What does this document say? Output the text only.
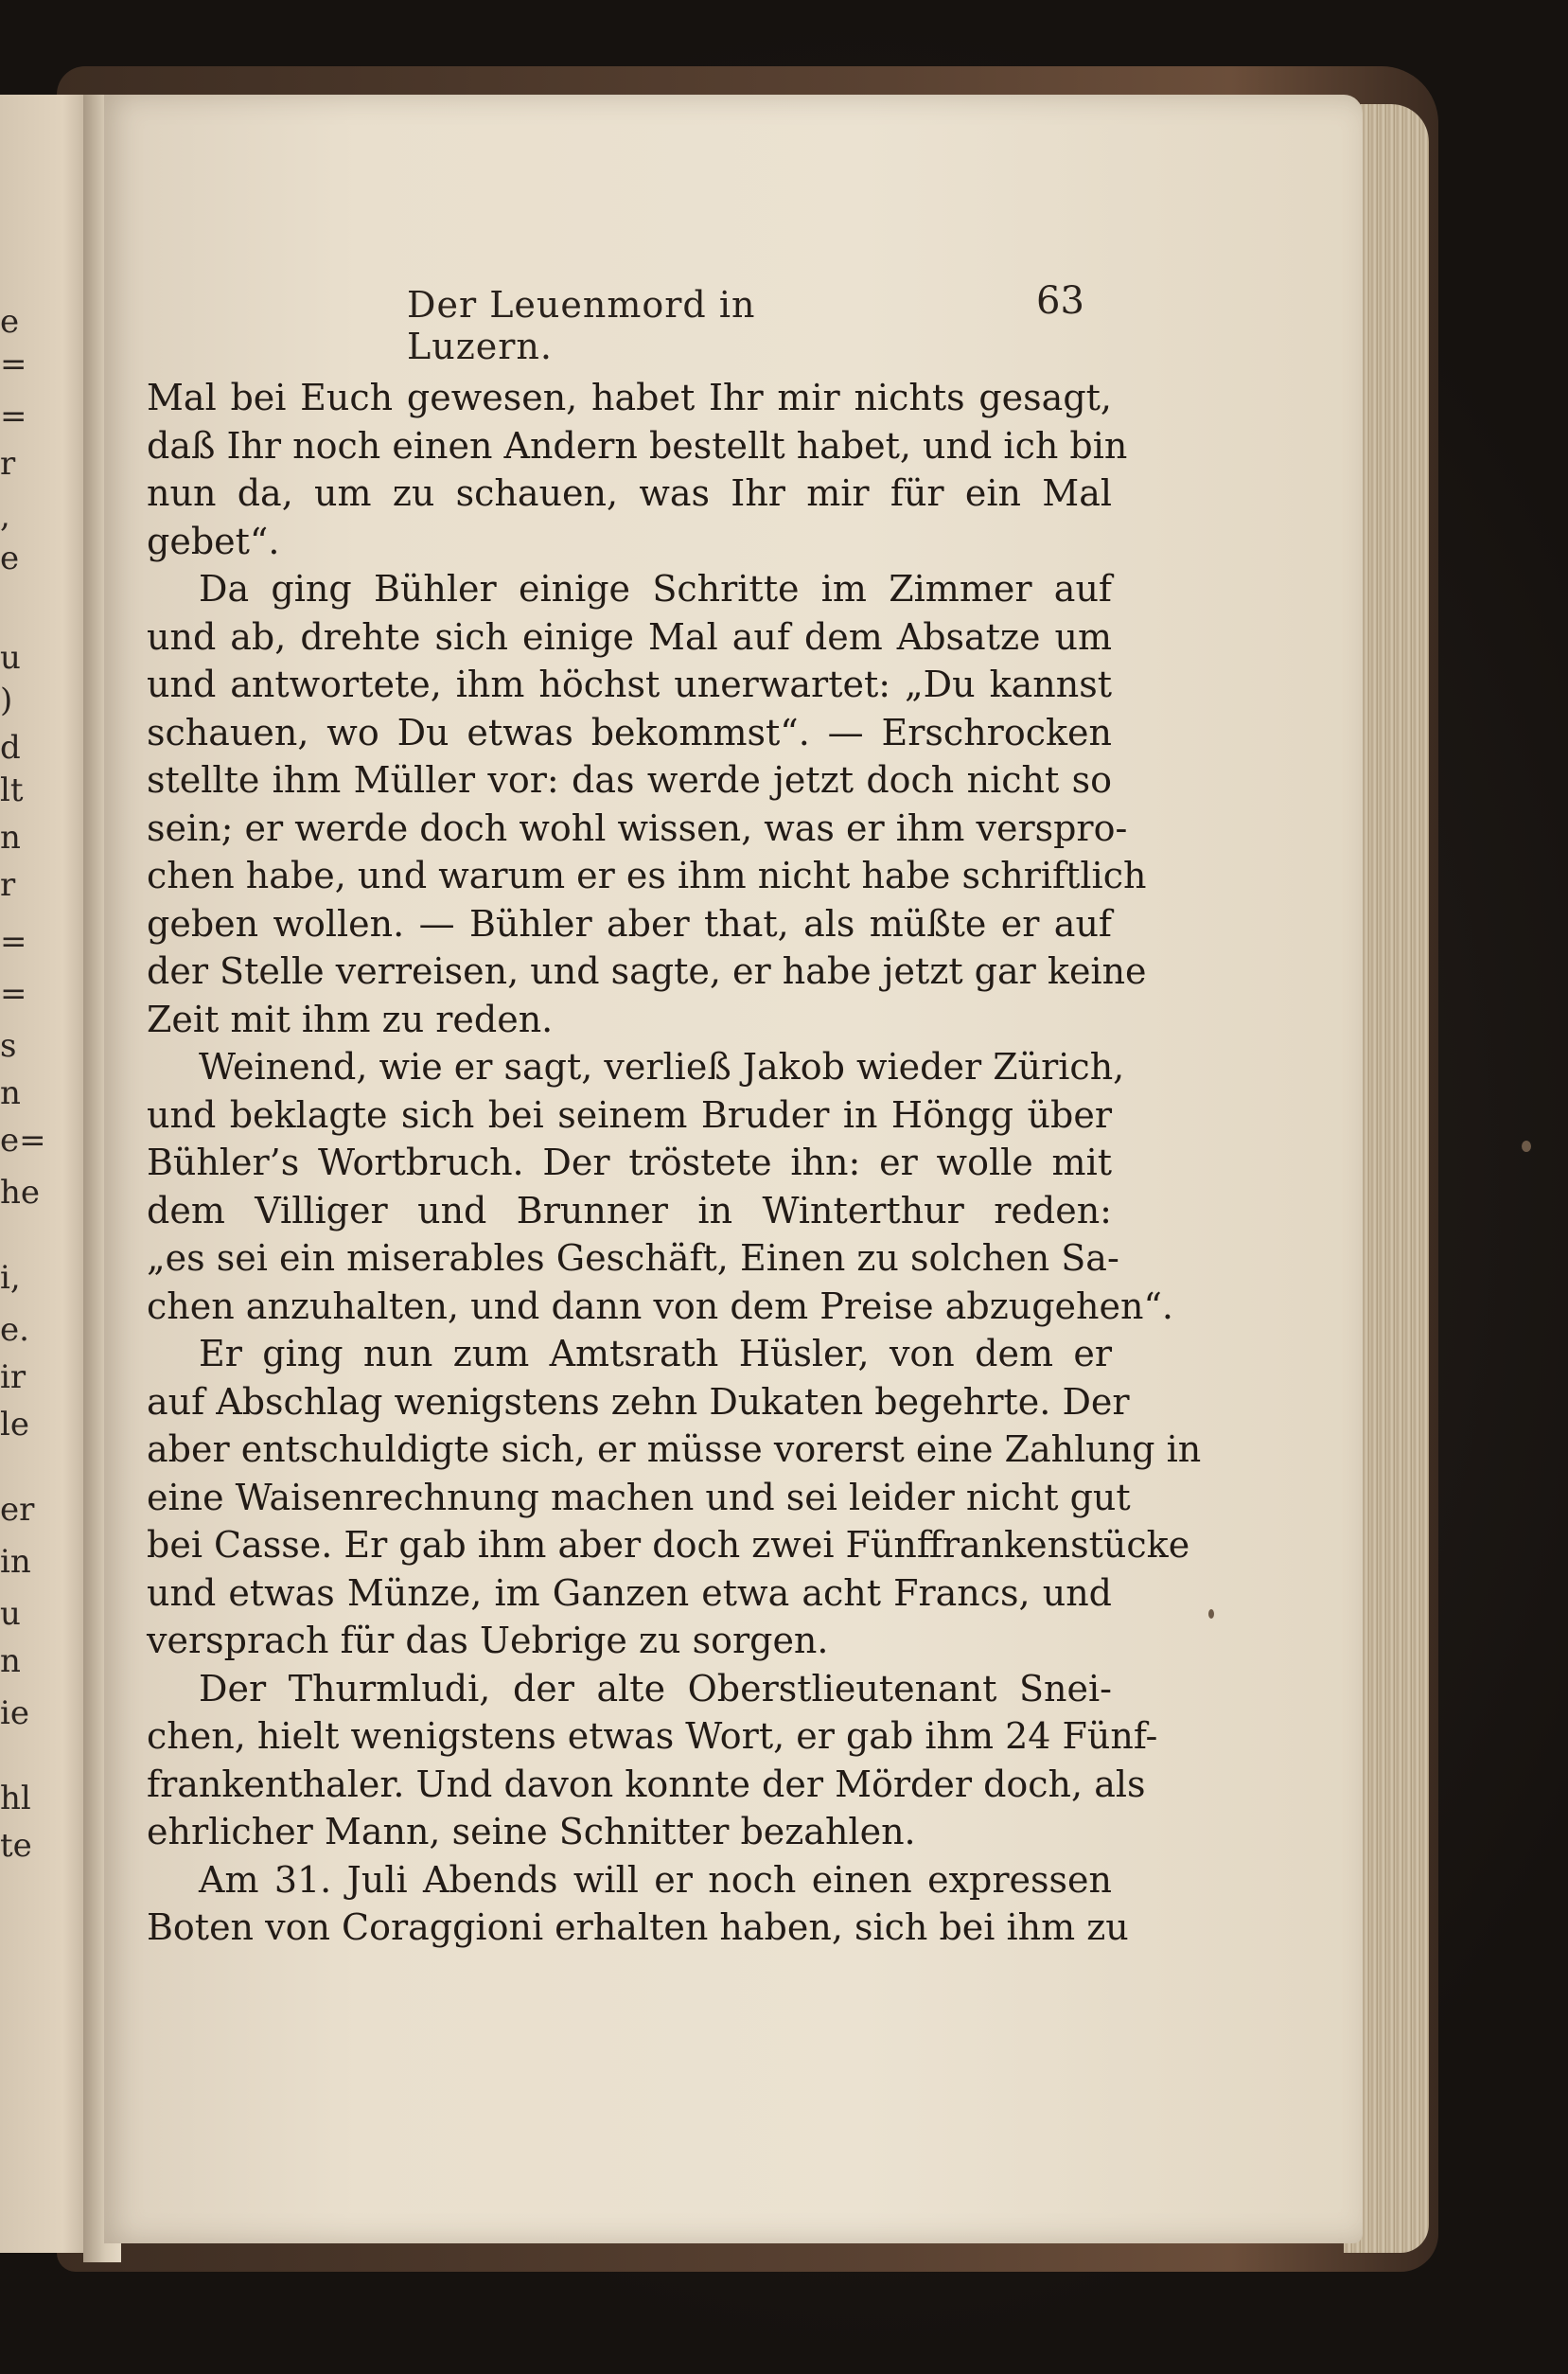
e
=
=
r
,
e
u
)
d
lt
n
r
=
=
s
n
e=
he
i,
e.
ir
le
er
in
u
n
ie
hl
te
Der Leuenmord in Luzern.
63
Mal bei Euch gewesen, habet Ihr mir nichts gesagt,
daß Ihr noch einen Andern bestellt habet, und ich bin
nun da, um zu schauen, was Ihr mir für ein Mal
gebet“.
Da ging Bühler einige Schritte im Zimmer auf
und ab, drehte sich einige Mal auf dem Absatze um
und antwortete, ihm höchst unerwartet: „Du kannst
schauen, wo Du etwas bekommst“. — Erschrocken
stellte ihm Müller vor: das werde jetzt doch nicht so
sein; er werde doch wohl wissen, was er ihm verspro-
chen habe, und warum er es ihm nicht habe schriftlich
geben wollen. — Bühler aber that, als müßte er auf
der Stelle verreisen, und sagte, er habe jetzt gar keine
Zeit mit ihm zu reden.
Weinend, wie er sagt, verließ Jakob wieder Zürich,
und beklagte sich bei seinem Bruder in Höngg über
Bühler’s Wortbruch. Der tröstete ihn: er wolle mit
dem Villiger und Brunner in Winterthur reden:
„es sei ein miserables Geschäft, Einen zu solchen Sa-
chen anzuhalten, und dann von dem Preise abzugehen“.
Er ging nun zum Amtsrath Hüsler, von dem er
auf Abschlag wenigstens zehn Dukaten begehrte. Der
aber entschuldigte sich, er müsse vorerst eine Zahlung in
eine Waisenrechnung machen und sei leider nicht gut
bei Casse. Er gab ihm aber doch zwei Fünffrankenstücke
und etwas Münze, im Ganzen etwa acht Francs, und
versprach für das Uebrige zu sorgen.
Der Thurmludi, der alte Oberstlieutenant Snei-
chen, hielt wenigstens etwas Wort, er gab ihm 24 Fünf-
frankenthaler. Und davon konnte der Mörder doch, als
ehrlicher Mann, seine Schnitter bezahlen.
Am 31. Juli Abends will er noch einen expressen
Boten von Coraggioni erhalten haben, sich bei ihm zu
